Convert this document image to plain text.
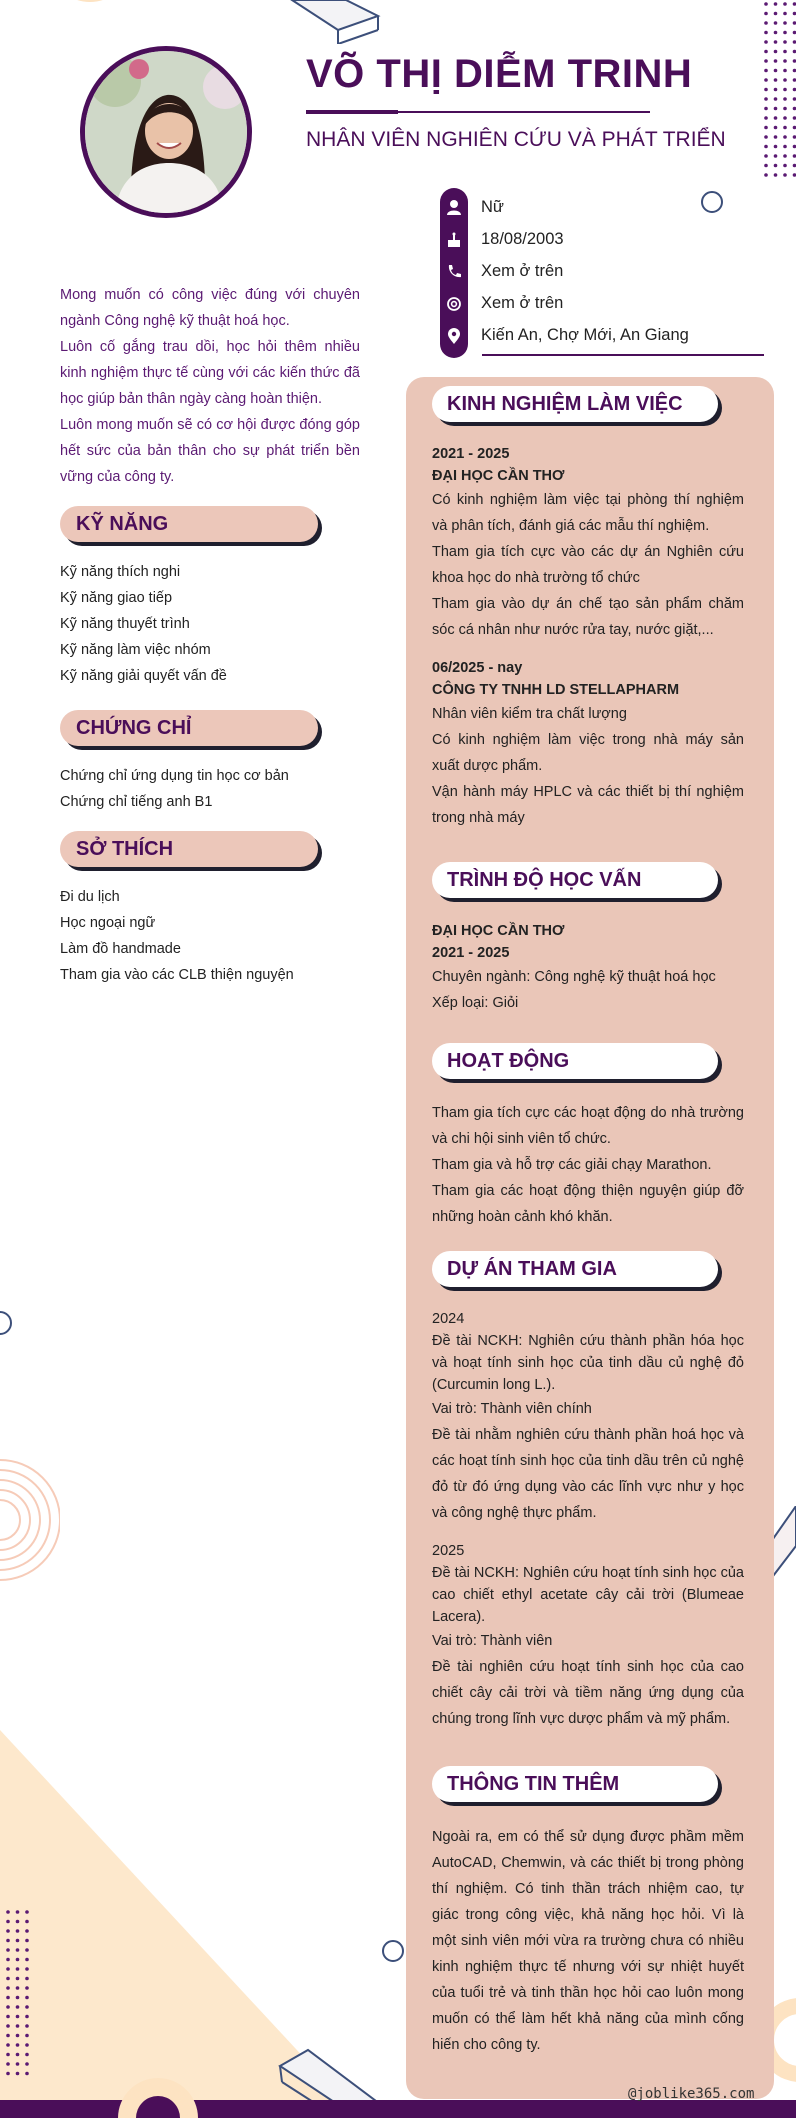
VÕ THỊ DIỄM TRINH
NHÂN VIÊN NGHIÊN CỨU VÀ PHÁT TRIỂN
Nữ
18/08/2003
Xem ở trên
Xem ở trên
Kiến An, Chợ Mới, An Giang

Mong muốn có công việc đúng với chuyên ngành Công nghệ kỹ thuật hoá học.

Luôn cố gắng trau dồi, học hỏi thêm nhiều kinh nghiệm thực tế cùng với các kiến thức đã học giúp bản thân ngày càng hoàn thiện.

Luôn mong muốn sẽ có cơ hội được đóng góp hết sức của bản thân cho sự phát triển bền vững của công ty.

KỸ NĂNG
Kỹ năng thích nghi
Kỹ năng giao tiếp
Kỹ năng thuyết trình
Kỹ năng làm việc nhóm
Kỹ năng giải quyết vấn đề
CHỨNG CHỈ
Chứng chỉ ứng dụng tin học cơ bản
Chứng chỉ tiếng anh B1
SỞ THÍCH
Đi du lịch
Học ngoại ngữ
Làm đồ handmade
Tham gia vào các CLB thiện nguyện
KINH NGHIỆM LÀM VIỆC

2021 - 2025

ĐẠI HỌC CẦN THƠ

Có kinh nghiệm làm việc tại phòng thí nghiệm và phân tích, đánh giá các mẫu thí nghiệm.

Tham gia tích cực vào các dự án Nghiên cứu khoa học do nhà trường tổ chức

Tham gia vào dự án chế tạo sản phẩm chăm sóc cá nhân như nước rửa tay, nước giặt,...

06/2025 - nay

CÔNG TY TNHH LD STELLAPHARM

Nhân viên kiểm tra chất lượng

Có kinh nghiệm làm việc trong nhà máy sản xuất dược phẩm.

Vận hành máy HPLC và các thiết bị thí nghiệm trong nhà máy

TRÌNH ĐỘ HỌC VẤN

ĐẠI HỌC CẦN THƠ

2021 - 2025

Chuyên ngành: Công nghệ kỹ thuật hoá học

Xếp loại: Giỏi

HOẠT ĐỘNG

Tham gia tích cực các hoạt động do nhà trường và chi hội sinh viên tổ chức.

Tham gia và hỗ trợ các giải chạy Marathon.

Tham gia các hoạt động thiện nguyện giúp đỡ những hoàn cảnh khó khăn.

DỰ ÁN THAM GIA

2024

Đề tài NCKH: Nghiên cứu thành phần hóa học và hoạt tính sinh học của tinh dầu củ nghệ đỏ (Curcumin long L.).

Vai trò: Thành viên chính

Đề tài nhằm nghiên cứu thành phần hoá học và các hoạt tính sinh học của tinh dầu trên củ nghệ đỏ từ đó ứng dụng vào các lĩnh vực như y học và công nghệ thực phẩm.

2025

Đề tài NCKH: Nghiên cứu hoạt tính sinh học của cao chiết ethyl acetate cây cải trời (Blumeae Lacera).

Vai trò: Thành viên

Đề tài nghiên cứu hoạt tính sinh học của cao chiết cây cải trời và tiềm năng ứng dụng của chúng trong lĩnh vực dược phẩm và mỹ phẩm.

THÔNG TIN THÊM

Ngoài ra, em có thể sử dụng được phầm mềm AutoCAD, Chemwin, và các thiết bị trong phòng thí nghiệm. Có tinh thần trách nhiệm cao, tự giác trong công việc, khả năng học hỏi. Vì là một sinh viên mới vừa ra trường chưa có nhiều kinh nghiệm thực tế nhưng với sự nhiệt huyết của tuổi trẻ và tinh thần học hỏi cao luôn mong muốn có thể làm hết khả năng của mình cống hiến cho công ty.

@joblike365.com
